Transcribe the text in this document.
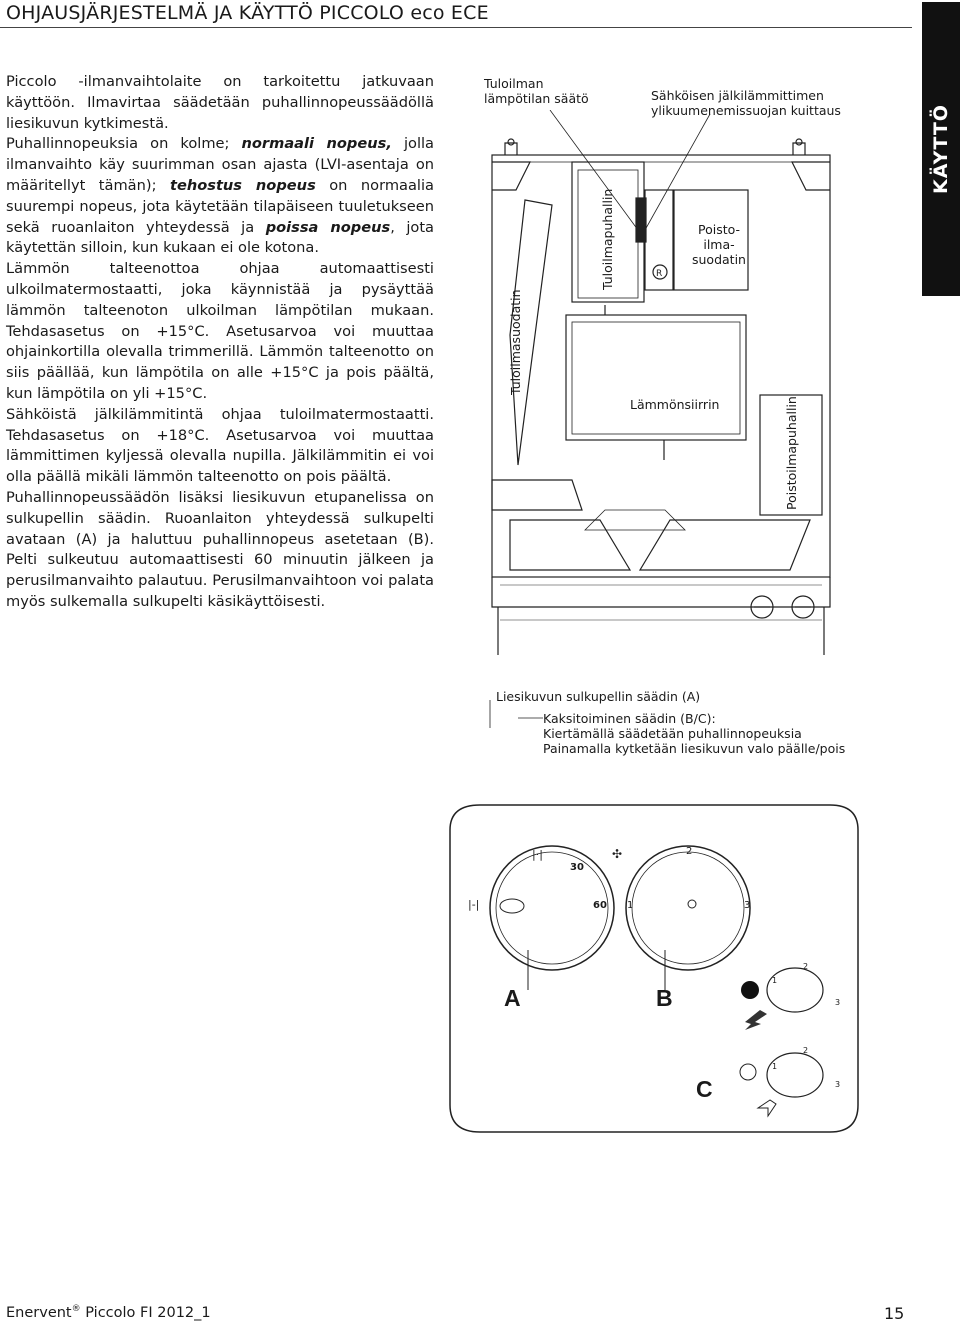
OHJAUSJÄRJESTELMÄ JA KÄYTTÖ PICCOLO eco ECE
KÄYTTÖ

Piccolo -ilmanvaihtolaite on tarkoitettu jatkuvaan käyttöön. Ilmavirtaa säädetään puhallinnopeussäädöllä liesikuvun kytkimestä.

Puhallinnopeuksia on kolme; normaali nopeus, jolla ilmanvaihto käy suurimman osan ajasta (LVI-asentaja on määritellyt tämän); tehostus nopeus on normaalia suurempi nopeus, jota käytetään tilapäiseen tuuletukseen sekä ruoanlaiton yhteydessä ja poissa nopeus, jota käytettän silloin, kun kukaan ei ole kotona.

Lämmön talteenottoa ohjaa automaattisesti ulkoilmatermostaatti, joka käynnistää ja pysäyttää lämmön talteenoton ulkoilman lämpötilan mukaan. Tehdasasetus on +15°C. Asetusarvoa voi muuttaa ohjainkortilla olevalla trimmerillä. Lämmön talteenotto on siis päällää, kun lämpötila on alle +15°C ja pois päältä, kun lämpötila on yli +15°C.

Sähköistä jälkilämmitintä ohjaa tuloilmatermostaatti. Tehdasasetus on +18°C. Asetusarvoa voi muuttaa lämmittimen kyljessä olevalla nupilla. Jälkilämmitin ei voi olla päällä mikäli lämmön talteenotto on pois päältä.

Puhallinnopeussäädön lisäksi liesikuvun etupanelissa on sulkupellin säädin. Ruoanlaiton yhteydessä sulkupelti avataan (A) ja haluttuu puhallinnopeus asetetaan (B). Pelti sulkeutuu automaattisesti 60 minuutin jälkeen ja perusilmanvaihto palautuu. Perusilmanvaihtoon voi palata myös sulkemalla sulkupelti käsikäyttöisesti.

Tuloilman
lämpötilan säätö	Sähköisen jälkilämmittimen
ylikuumenemissuojan kuittaus
R
Tuloilmasuodatin
Tuloilmapuhallin	Poisto-
ilma-
suodatin
Lämmönsiirrin	Poistoilmapuhallin
Liesikuvun sulkupellin säädin (A)
Kaksitoiminen säädin (B/C):
Kiertämällä säädetään puhallinnopeuksia
Painamalla kytketään liesikuvun valo päälle/pois
✣
|·|
|-|
30
60 1
2
3
A	B
C
1
2
3
1
2
3
Enervent® Piccolo FI 2012_1	15
